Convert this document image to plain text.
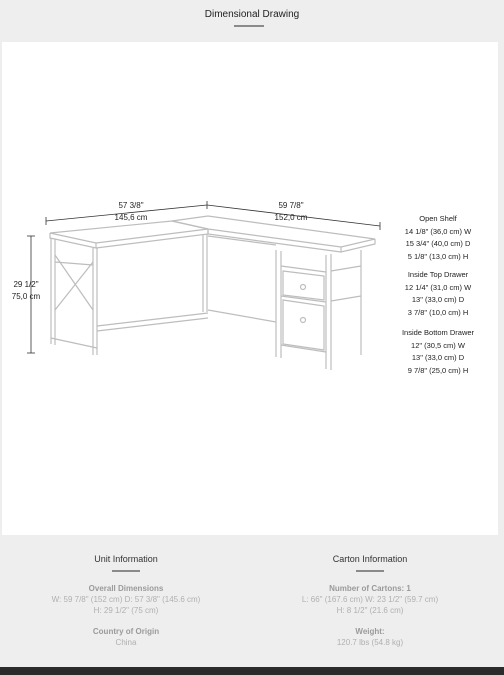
Dimensional Drawing
57 3/8"
145,6 cm
59 7/8"
152,0 cm
29 1/2"
75,0 cm
Open Shelf
14 1/8" (36,0 cm) W
15 3/4" (40,0 cm) D
5 1/8" (13,0 cm) H
Inside Top Drawer
12 1/4" (31,0 cm) W
13" (33,0 cm) D
3 7/8" (10,0 cm) H
Inside Bottom Drawer
12" (30,5 cm) W
13" (33,0 cm) D
9 7/8" (25,0 cm) H
Unit Information
Overall Dimensions
W: 59 7/8" (152 cm) D: 57 3/8" (145.6 cm)
H: 29 1/2" (75 cm)
Country of Origin
China
Carton Information
Number of Cartons: 1
L: 66" (167.6 cm) W: 23 1/2" (59.7 cm)
H: 8 1/2" (21.6 cm)
Weight:
120.7 lbs (54.8 kg)
